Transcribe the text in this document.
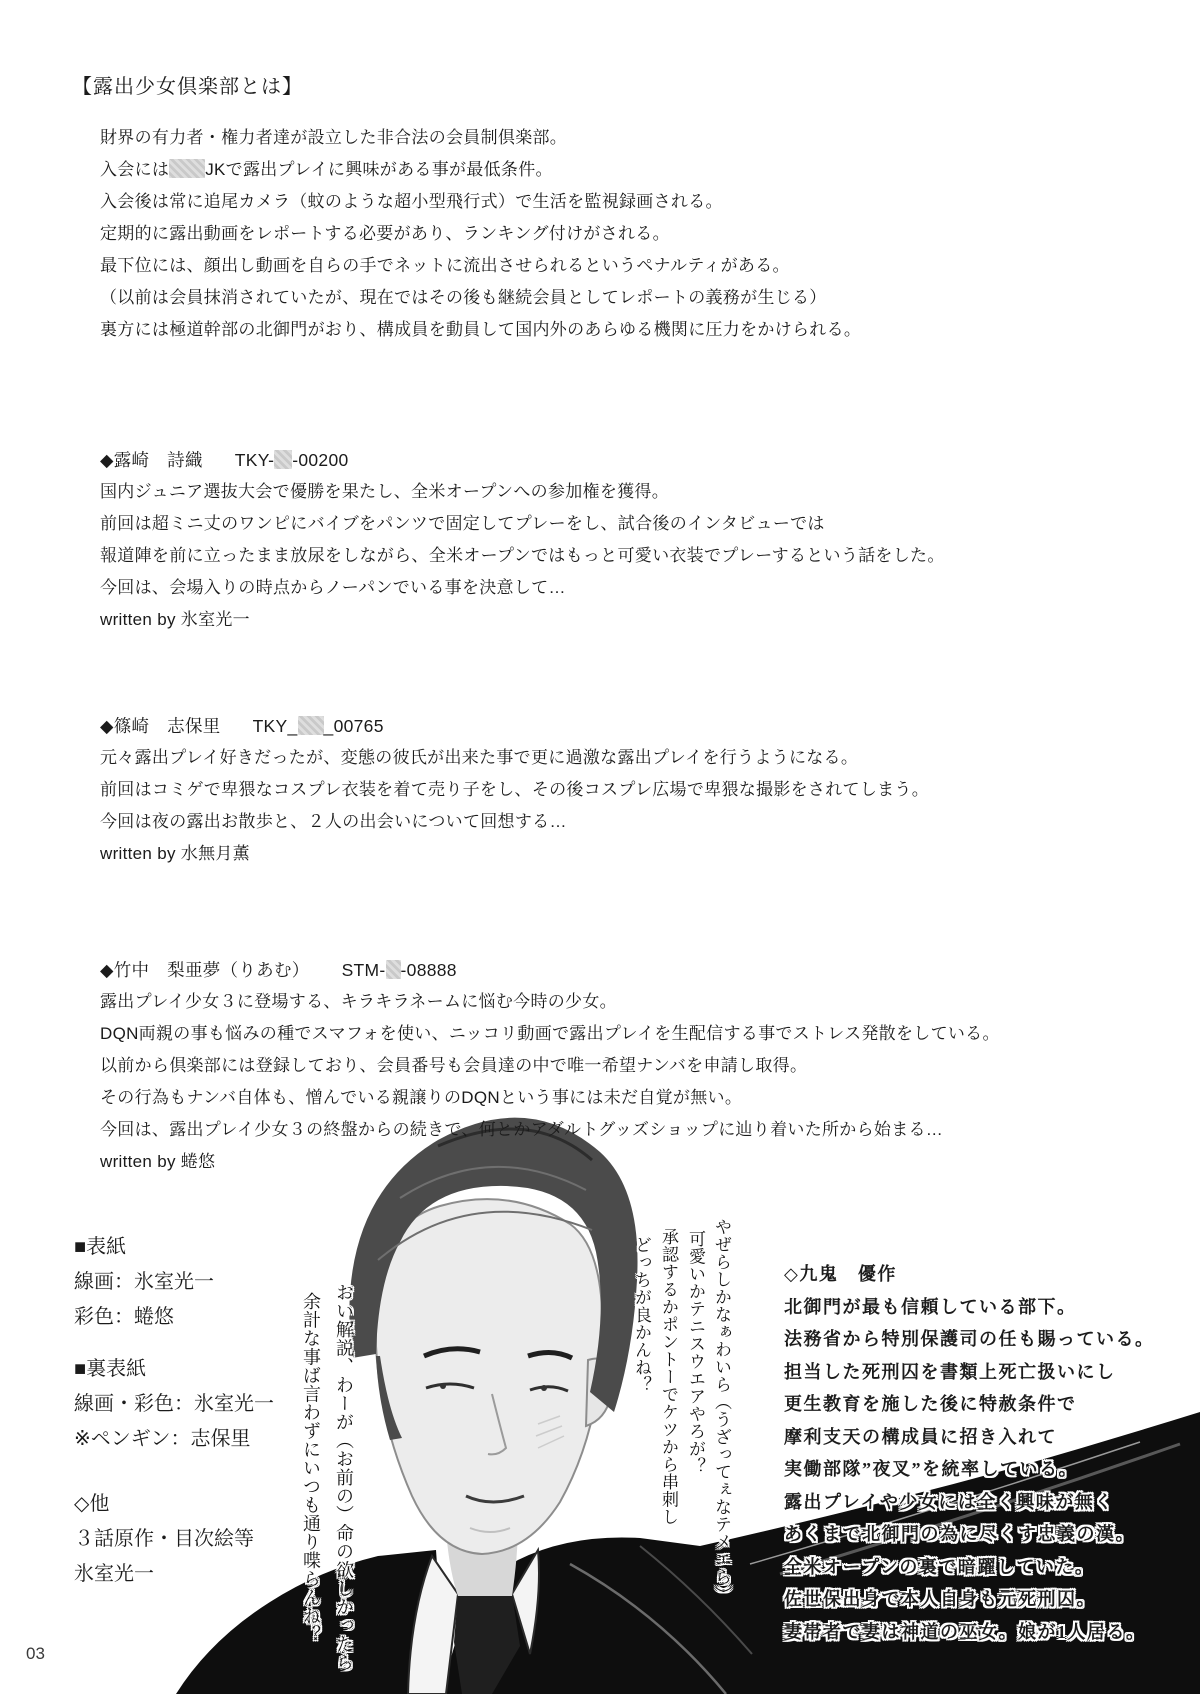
【露出少女倶楽部とは】

財界の有力者・権力者達が設立した非合法の会員制倶楽部。

入会には JKで露出プレイに興味がある事が最低条件。

入会後は常に追尾カメラ（蚊のような超小型飛行式）で生活を監視録画される。

定期的に露出動画をレポートする必要があり、ランキング付けがされる。

最下位には、顔出し動画を自らの手でネットに流出させられるというペナルティがある。

（以前は会員抹消されていたが、現在ではその後も継続会員としてレポートの義務が生じる）

裏方には極道幹部の北御門がおり、構成員を動員して国内外のあらゆる機関に圧力をかけられる。

◆露崎　詩織 TKY- -00200

国内ジュニア選抜大会で優勝を果たし、全米オープンへの参加権を獲得。

前回は超ミニ丈のワンピにバイブをパンツで固定してプレーをし、試合後のインタビューでは

報道陣を前に立ったまま放尿をしながら、全米オープンではもっと可愛い衣装でプレーするという話をした。

今回は、会場入りの時点からノーパンでいる事を決意して…

written by 氷室光一

◆篠崎　志保里 TKY_ _00765

元々露出プレイ好きだったが、変態の彼氏が出来た事で更に過激な露出プレイを行うようになる。

前回はコミゲで卑猥なコスプレ衣装を着て売り子をし、その後コスプレ広場で卑猥な撮影をされてしまう。

今回は夜の露出お散歩と、２人の出会いについて回想する…

written by 水無月薫

◆竹中　梨亜夢（りあむ） STM- -08888

露出プレイ少女３に登場する、キラキラネームに悩む今時の少女。

DQN両親の事も悩みの種でスマフォを使い、ニッコリ動画で露出プレイを生配信する事でストレス発散をしている。

以前から倶楽部には登録しており、会員番号も会員達の中で唯一希望ナンバを申請し取得。

その行為もナンバ自体も、憎んでいる親譲りのDQNという事には未だ自覚が無い。

今回は、露出プレイ少女３の終盤からの続きで、何とかアダルトグッズショップに辿り着いた所から始まる…

written by 蜷悠

■表紙

線画：氷室光一

彩色：蜷悠

■裏表紙

線画・彩色：氷室光一

※ペンギン：志保里

◇他

３話原作・目次絵等

氷室光一

◇九鬼　優作

北御門が最も信頼している部下。

法務省から特別保護司の任も賜っている。

担当した死刑囚を書類上死亡扱いにし

更生教育を施した後に特赦条件で

摩利支天の構成員に招き入れて

実働部隊”夜叉”を統率している。

露出プレイや少女には全く興味が無く

あくまで北御門の為に尽くす忠義の漢。

全米オープンの裏で暗躍していた。

佐世保出身で本人自身も元死刑囚。

妻帯者で妻は神道の巫女。娘が1人居る。

やぜらしかなぁわいら（うざってぇなテメエら）
可愛いかテニスウエアやろが？
承認するかポントーでケツから串刺し
どっちが良かんね？
おい解説、わーが（お前の）命の欲しかったら
余計な事ば言わずにいつも通り喋らんね？
03
